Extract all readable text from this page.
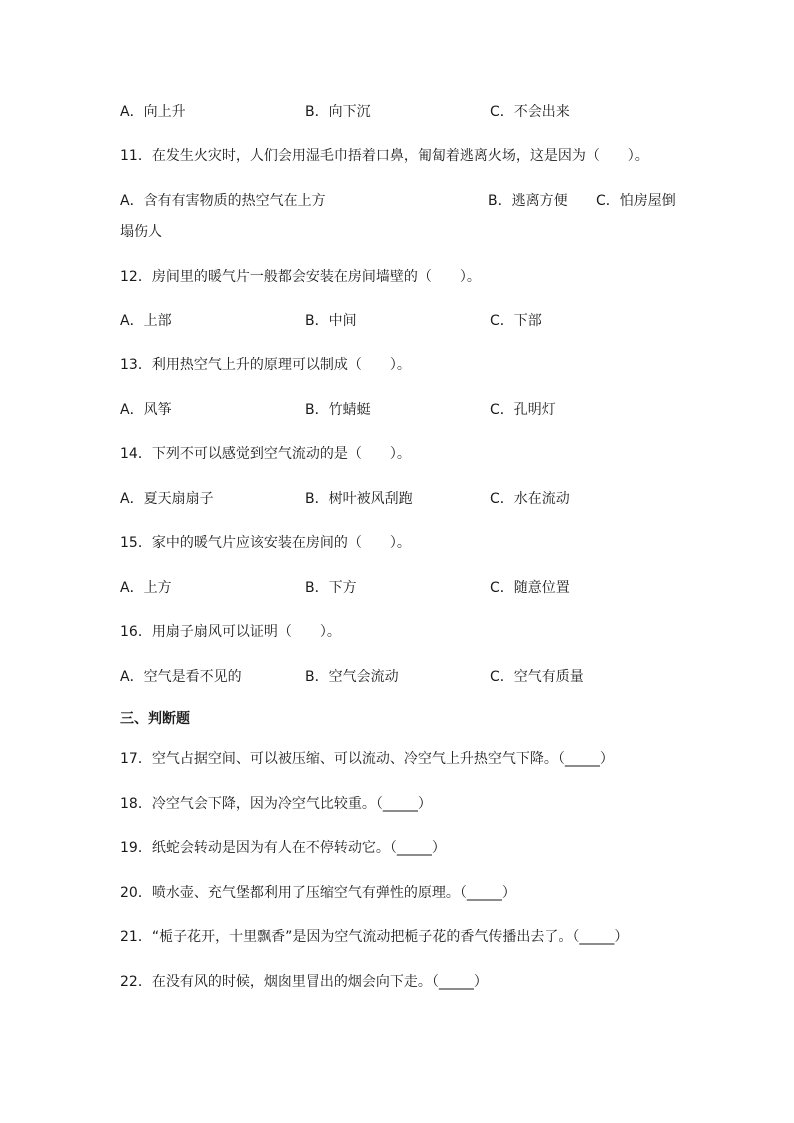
A．向上升	B．向下沉	C．不会出来
11．在发生火灾时，人们会用湿毛巾捂着口鼻，匍匐着逃离火场，这是因为（　　）。
A．含有有害物质的热空气在上方	B．逃离方便 C．怕房屋倒
塌伤人
12．房间里的暖气片一般都会安装在房间墙壁的（　　）。
A．上部	B．中间	C．下部
13．利用热空气上升的原理可以制成（　　）。
A．风筝	B．竹蜻蜓	C．孔明灯
14．下列不可以感觉到空气流动的是（　　）。
A．夏天扇扇子	B．树叶被风刮跑	C．水在流动
15．家中的暖气片应该安装在房间的（　　）。
A．上方	B．下方	C．随意位置
16．用扇子扇风可以证明（　　）。
A．空气是看不见的	B．空气会流动	C．空气有质量
三、判断题
17．空气占据空间、可以被压缩、可以流动、冷空气上升热空气下降。（_____）
18．冷空气会下降，因为冷空气比较重。（_____）
19．纸蛇会转动是因为有人在不停转动它。（_____）
20．喷水壶、充气堡都利用了压缩空气有弹性的原理。（_____）
21．“栀子花开，十里飘香”是因为空气流动把栀子花的香气传播出去了。（_____）
22．在没有风的时候，烟囱里冒出的烟会向下走。（_____）
